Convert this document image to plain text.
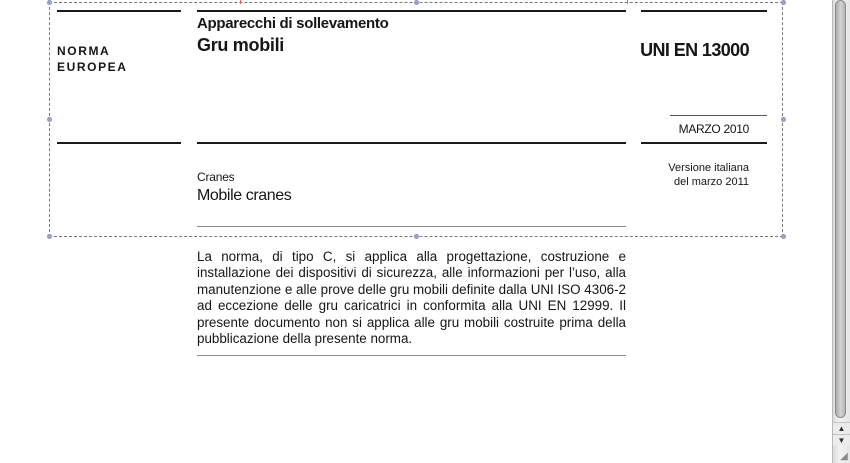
NORMA
EUROPEA
Apparecchi di sollevamento
Gru mobili	UNI EN 13000
MARZO 2010
Versione italiana
del marzo 2011
Cranes
Mobile cranes

La norma, di tipo C, si applica alla progettazione, costruzione e installazione dei dispositivi di sicurezza, alle informazioni per l’uso, alla manutenzione e alle prove delle gru mobili definite dalla UNI ISO 4306-2 ad eccezione delle gru caricatrici in conformita alla UNI EN 12999. Il presente documento non si applica alle gru mobili costruite prima della pubblicazione della presente norma.

▲
▼
◢
